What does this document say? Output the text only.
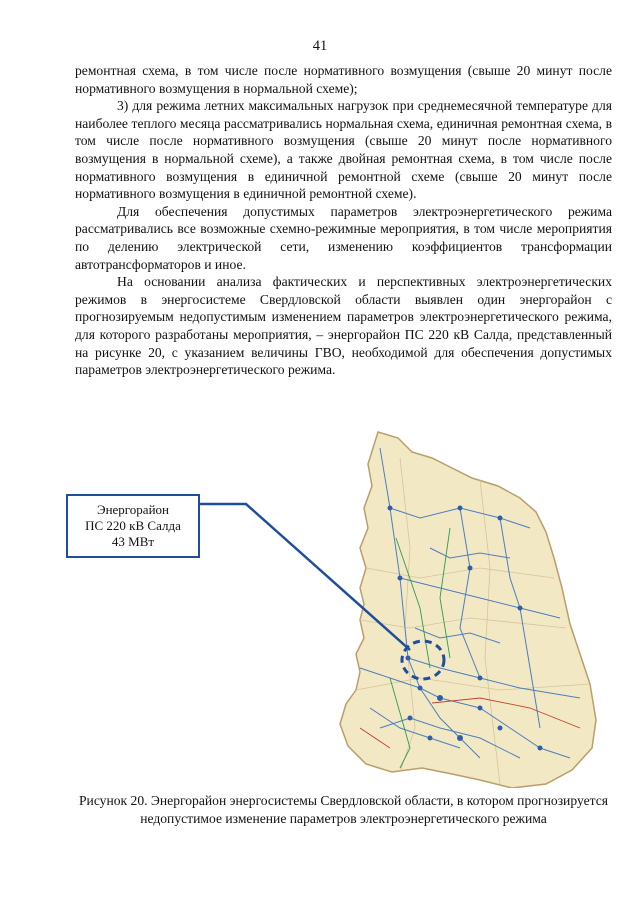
41

ремонтная схема, в том числе после нормативного возмущения (свыше 20 минут после нормативного возмущения в нормальной схеме);

3) для режима летних максимальных нагрузок при среднемесячной температуре для наиболее теплого месяца рассматривались нормальная схема, единичная ремонтная схема, в том числе после нормативного возмущения (свыше 20 минут после нормативного возмущения в нормальной схеме), а также двойная ремонтная схема, в том числе после нормативного возмущения в единичной ремонтной схеме (свыше 20 минут после нормативного возмущения в единичной ремонтной схеме).

Для обеспечения допустимых параметров электроэнергетического режима рассматривались все возможные схемно-режимные мероприятия, в том числе мероприятия по делению электрической сети, изменению коэффициентов трансформации автотрансформаторов и иное.

На основании анализа фактических и перспективных электроэнергетических режимов в энергосистеме Свердловской области выявлен один энергорайон с прогнозируемым недопустимым изменением параметров электроэнергетического режима, для которого разработаны мероприятия, – энергорайон ПС 220 кВ Салда, представленный на рисунке 20, с указанием величины ГВО, необходимой для обеспечения допустимых параметров электроэнергетического режима.

Энергорайон
ПС 220 кВ Салда
43 МВт
Рисунок 20. Энергорайон энергосистемы Свердловской области, в котором прогнозируется недопустимое изменение параметров электроэнергетического режима
